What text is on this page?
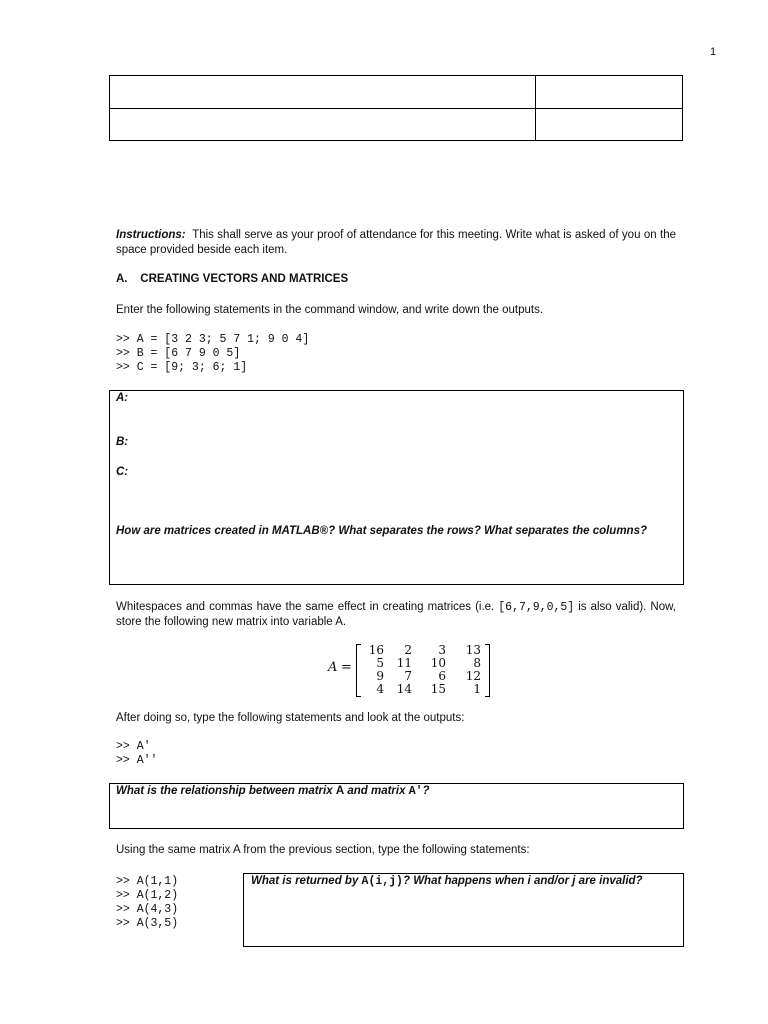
1

Instructions: This shall serve as your proof of attendance for this meeting. Write what is asked of you on the space provided beside each item.
A. CREATING VECTORS AND MATRICES
Enter the following statements in the command window, and write down the outputs.
>> A = [3 2 3; 5 7 1; 9 0 4]
>> B = [6 7 9 0 5]
>> C = [9; 3; 6; 1]
A:
B:
C:
How are matrices created in MATLAB®? What separates the rows? What separates the columns?
Whitespaces and commas have the same effect in creating matrices (i.e. [6,7,9,0,5] is also valid). Now, store the following new matrix into variable A.
A =
16	2	3	13
5	11	10	8
9	7	6	12
4	14	15	1
After doing so, type the following statements and look at the outputs:
>> A'
>> A''
What is the relationship between matrix A and matrix A'?
Using the same matrix A from the previous section, type the following statements:
>> A(1,1)
>> A(1,2)
>> A(4,3)
>> A(3,5)
What is returned by A(i,j)? What happens when i and/or j are invalid?
